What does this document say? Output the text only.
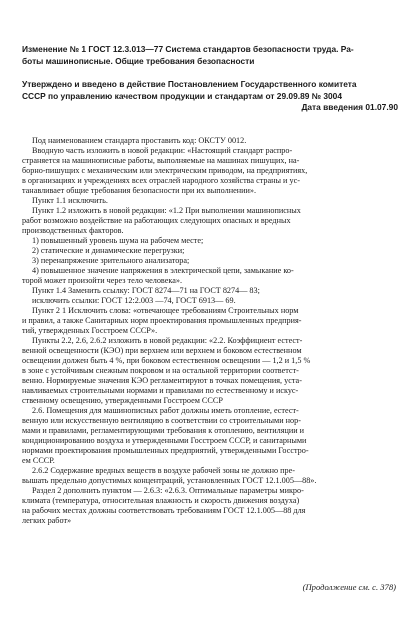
Изменение № 1 ГОСТ 12.3.013—77 Система стандартов безопасности труда. Ра-
боты машинописные. Общие требования безопасности
Утверждено и введено в действие Постановлением Государственного комитета
СССР по управлению качеством продукции и стандартам от 29.09.89 № 3004
Дата введения 01.07.90
Под наименованием стандарта проставить код: ОКСТУ 0012.
Вводную часть изложить в новой редакции: «Настоящий стандарт распро-
страняется на машинописные работы, выполняемые на машинах пишущих, на-
борно-пишущих с механическим или электрическим приводом, на предприятиях,
в организациях и учреждениях всех отраслей народного хозяйства страны и ус-
танавливает общие требования безопасности при их выполнении».
Пункт 1.1 исключить.
Пункт 1.2 изложить в новой редакции: «1.2 При выполнении машинописных
работ возможно воздействие на работающих следующих опасных и вредных
производственных факторов.
1) повышенный уровень шума на рабочем месте;
2) статические и динамические перегрузки;
3) перенапряжение зрительного анализатора;
4) повышенное значение напряжения в электрической цепи, замыкание ко-
торой может произойти через тело человека».
Пункт 1.4 Заменить ссылку: ГОСТ 8274—71 на ГОСТ 8274— 83;
исключить ссылки: ГОСТ 12:2.003 —74, ГОСТ 6913— 69.
Пункт 2 1 Исключить слова: «отвечающее требованиям Строительных норм
и правил, а также Санитарных норм проектирования промышленных предприя-
тий, утвержденных Госстроем СССР».
Пункты 2.2, 2.6, 2.6.2 изложить в новой редакции: «2.2. Коэффициент естест-
венной освещенности (КЭО) при верхнем или верхнем и боковом естественном
освещении должен быть 4 %, при боковом естественном освещении — 1,2 и 1,5 %
в зоне с устойчивым снежным покровом и на остальной территории соответст-
венно. Нормируемые значения КЭО регламентируют в точках помещения, уста-
навливаемых строительными нормами и правилами по естественному и искус-
ственному освещению, утвержденными Госстроем СССР
2.6. Помещения для машинописных работ должны иметь отопление, естест-
венную или искусственную вентиляцию в соответствии со строительными нор-
мами и правилами, регламентирующими требования к отоплению, вентиляции и
кондиционированию воздуха и утвержденными Госстроем СССР, и санитарными
нормами проектирования промышленных предприятий, утвержденными Госстро-
ем СССР.
2.6.2 Содержание вредных веществ в воздухе рабочей зоны не должно пре-
вышать предельно допустимых концентраций, установленных ГОСТ 12.1.005—88».
Раздел 2 дополнить пунктом — 2.6.3: «2.6.3. Оптимальные параметры микро-
климата (температура, относительная влажность и скорость движения воздуха)
на рабочих местах должны соответствовать требованиям ГОСТ 12.1.005—88 для
легких работ»
(Продолжение см. с. 378)
